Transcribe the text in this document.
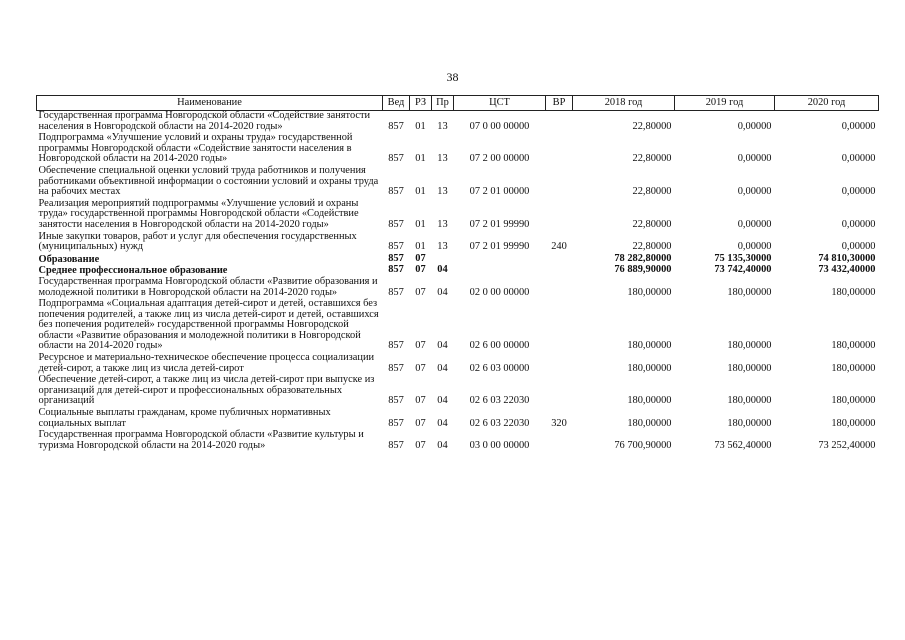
38
Наименование	Вед	РЗ	Пр	ЦСТ	ВР	2018 год	2019 год	2020 год
Государственная программа Новгородской области «Содействие занятости населения в Новгородской области на 2014-2020 годы»	857	01	13	07 0 00 00000		22,80000	0,00000	0,00000
Подпрограмма «Улучшение условий и охраны труда» государственной программы Новгородской области «Содействие занятости населения в Новгородской области на 2014-2020 годы»	857	01	13	07 2 00 00000		22,80000	0,00000	0,00000
Обеспечение специальной оценки условий труда работников и получения работниками объективной информации о состоянии условий и охраны труда на рабочих местах	857	01	13	07 2 01 00000		22,80000	0,00000	0,00000
Реализация мероприятий подпрограммы «Улучшение условий и охраны труда» государственной программы Новгородской области «Содействие занятости населения в Новгородской области на 2014-2020 годы»	857	01	13	07 2 01 99990		22,80000	0,00000	0,00000
Иные закупки товаров, работ и услуг для обеспечения государственных (муниципальных) нужд	857	01	13	07 2 01 99990	240	22,80000	0,00000	0,00000
Образование	857	07				78 282,80000	75 135,30000	74 810,30000
Среднее профессиональное образование	857	07	04			76 889,90000	73 742,40000	73 432,40000
Государственная программа Новгородской области «Развитие образования и молодежной политики в Новгородской области на 2014-2020 годы»	857	07	04	02 0 00 00000		180,00000	180,00000	180,00000
Подпрограмма «Социальная адаптация детей-сирот и детей, оставшихся без попечения родителей, а также лиц из числа детей-сирот и детей, оставшихся без попечения родителей» государственной программы Новгородской области «Развитие образования и молодежной политики в Новгородской области на 2014-2020 годы»	857	07	04	02 6 00 00000		180,00000	180,00000	180,00000
Ресурсное и материально-техническое обеспечение процесса социализации детей-сирот, а также лиц из числа детей-сирот	857	07	04	02 6 03 00000		180,00000	180,00000	180,00000
Обеспечение детей-сирот, а также лиц из числа детей-сирот при выпуске из организаций для детей-сирот и профессиональных образовательных организаций	857	07	04	02 6 03 22030		180,00000	180,00000	180,00000
Социальные выплаты гражданам, кроме публичных нормативных социальных выплат	857	07	04	02 6 03 22030	320	180,00000	180,00000	180,00000
Государственная программа Новгородской области «Развитие культуры и туризма Новгородской области на 2014-2020 годы»	857	07	04	03 0 00 00000		76 700,90000	73 562,40000	73 252,40000
